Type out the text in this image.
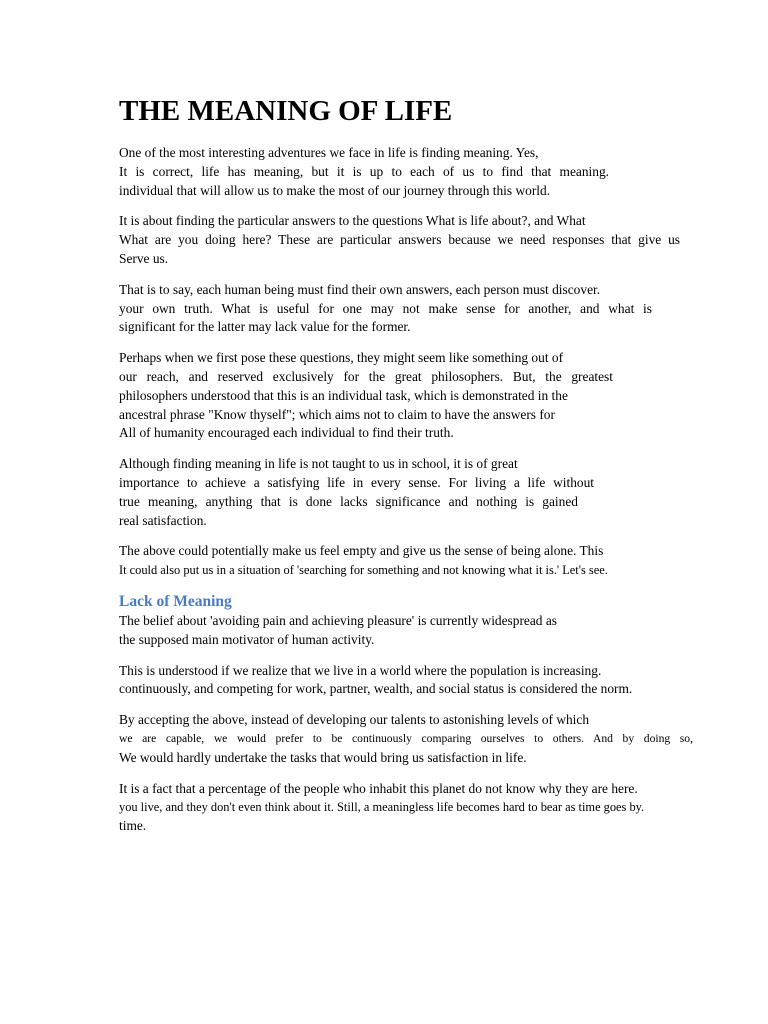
THE MEANING OF LIFE

One of the most interesting adventures we face in life is finding meaning. Yes,
It is correct, life has meaning, but it is up to each of us to find that meaning.
individual that will allow us to make the most of our journey through this world.

It is about finding the particular answers to the questions What is life about?, and What
What are you doing here? These are particular answers because we need responses that give us
Serve us.

That is to say, each human being must find their own answers, each person must discover.
your own truth. What is useful for one may not make sense for another, and what is
significant for the latter may lack value for the former.

Perhaps when we first pose these questions, they might seem like something out of
our reach, and reserved exclusively for the great philosophers. But, the greatest
philosophers understood that this is an individual task, which is demonstrated in the
ancestral phrase "Know thyself"; which aims not to claim to have the answers for
All of humanity encouraged each individual to find their truth.

Although finding meaning in life is not taught to us in school, it is of great
importance to achieve a satisfying life in every sense. For living a life without
true meaning, anything that is done lacks significance and nothing is gained
real satisfaction.

The above could potentially make us feel empty and give us the sense of being alone. This
It could also put us in a situation of 'searching for something and not knowing what it is.' Let's see.

Lack of Meaning

The belief about 'avoiding pain and achieving pleasure' is currently widespread as
the supposed main motivator of human activity.

This is understood if we realize that we live in a world where the population is increasing.
continuously, and competing for work, partner, wealth, and social status is considered the norm.

By accepting the above, instead of developing our talents to astonishing levels of which
we are capable, we would prefer to be continuously comparing ourselves to others. And by doing so,
We would hardly undertake the tasks that would bring us satisfaction in life.

It is a fact that a percentage of the people who inhabit this planet do not know why they are here.
you live, and they don't even think about it. Still, a meaningless life becomes hard to bear as time goes by.
time.
